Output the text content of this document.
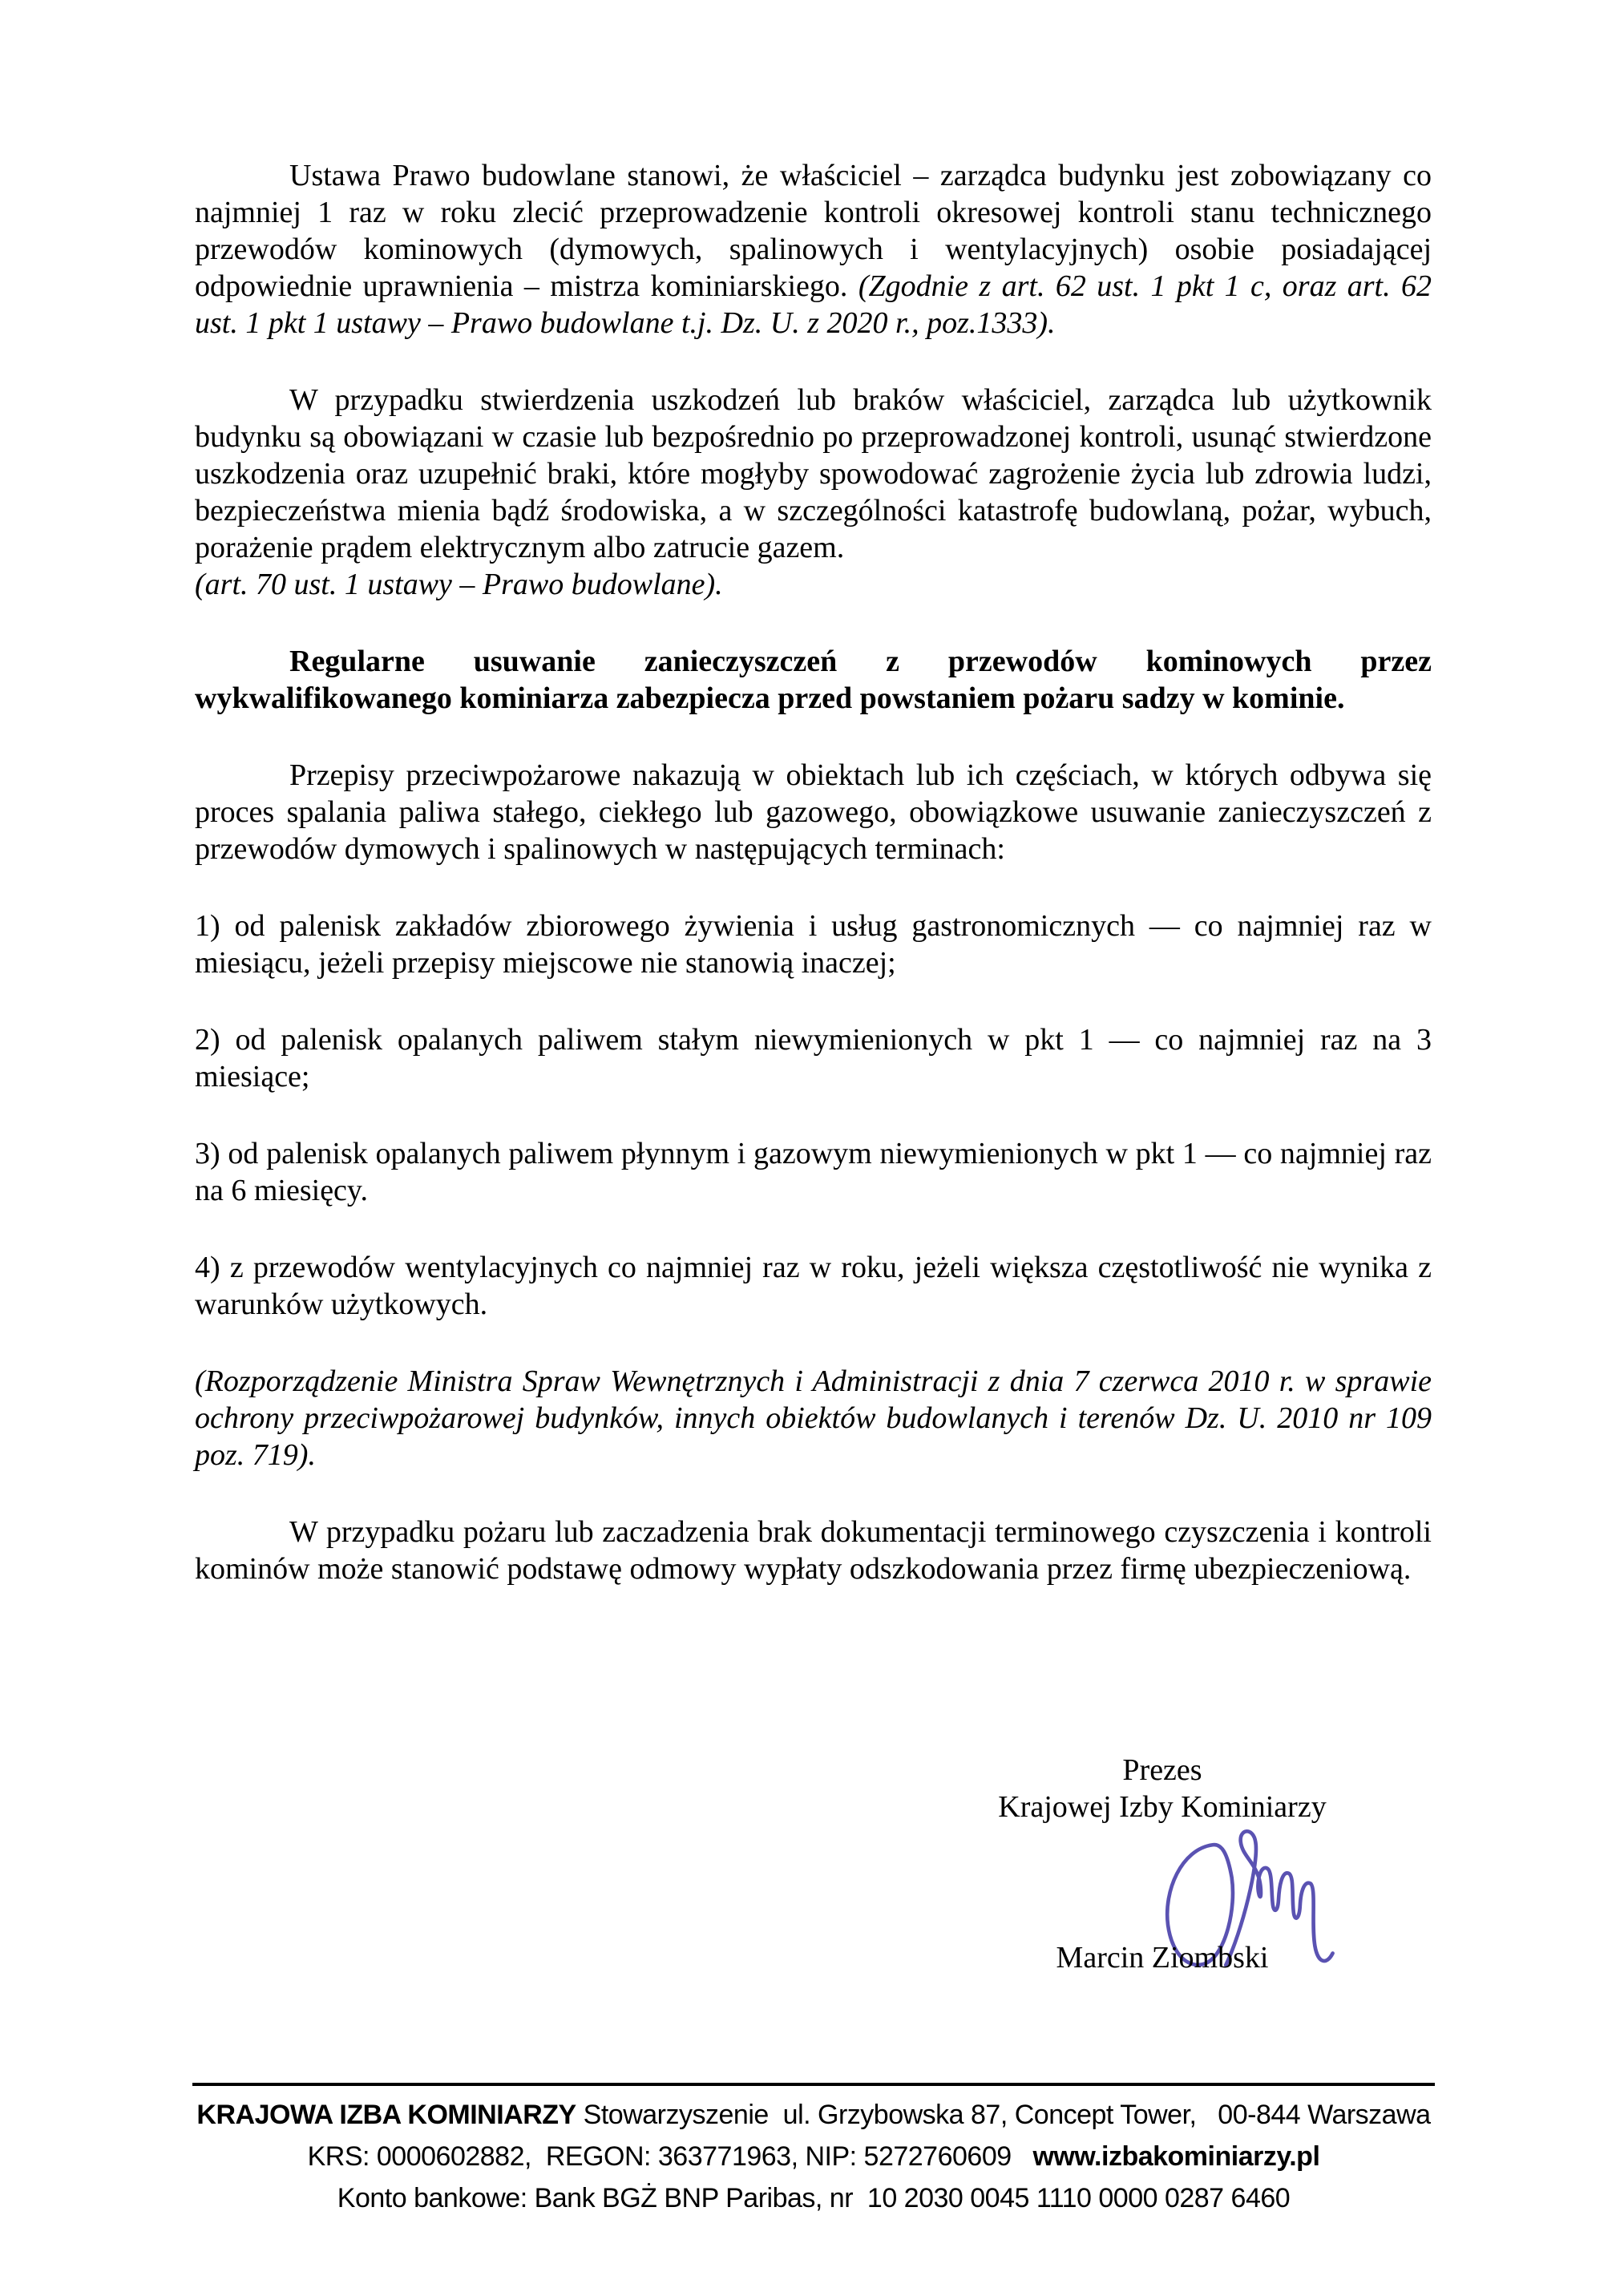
Ustawa Prawo budowlane stanowi, że właściciel – zarządca budynku jest zobowiązany co najmniej 1 raz w roku zlecić przeprowadzenie kontroli okresowej kontroli stanu technicznego przewodów kominowych (dymowych, spalinowych i wentylacyjnych) osobie posiadającej odpowiednie uprawnienia – mistrza kominiarskiego. (Zgodnie z art. 62 ust. 1 pkt 1 c, oraz art. 62 ust. 1 pkt 1 ustawy – Prawo budowlane t.j. Dz. U. z 2020 r., poz.1333).

W przypadku stwierdzenia uszkodzeń lub braków właściciel, zarządca lub użytkownik budynku są obowiązani w czasie lub bezpośrednio po przeprowadzonej kontroli, usunąć stwierdzone uszkodzenia oraz uzupełnić braki, które mogłyby spowodować zagrożenie życia lub zdrowia ludzi, bezpieczeństwa mienia bądź środowiska, a w szczególności katastrofę budowlaną, pożar, wybuch, porażenie prądem elektrycznym albo zatrucie gazem.

(art. 70 ust. 1 ustawy – Prawo budowlane).

Regularne usuwanie zanieczyszczeń z przewodów kominowych przez wykwalifikowanego kominiarza zabezpiecza przed powstaniem pożaru sadzy w kominie.

Przepisy przeciwpożarowe nakazują w obiektach lub ich częściach, w których odbywa się proces spalania paliwa stałego, ciekłego lub gazowego, obowiązkowe usuwanie zanieczyszczeń z przewodów dymowych i spalinowych w następujących terminach:

1) od palenisk zakładów zbiorowego żywienia i usług gastronomicznych — co najmniej raz w miesiącu, jeżeli przepisy miejscowe nie stanowią inaczej;

2) od palenisk opalanych paliwem stałym niewymienionych w pkt 1 — co najmniej raz na 3 miesiące;

3) od palenisk opalanych paliwem płynnym i gazowym niewymienionych w pkt 1 — co najmniej raz na 6 miesięcy.

4) z przewodów wentylacyjnych co najmniej raz w roku, jeżeli większa częstotliwość nie wynika z warunków użytkowych.

(Rozporządzenie Ministra Spraw Wewnętrznych i Administracji z dnia 7 czerwca 2010 r. w sprawie ochrony przeciwpożarowej budynków, innych obiektów budowlanych i terenów Dz. U. 2010 nr 109 poz. 719).

W przypadku pożaru lub zaczadzenia brak dokumentacji terminowego czyszczenia i kontroli kominów może stanowić podstawę odmowy wypłaty odszkodowania przez firmę ubezpieczeniową.

Prezes
Krajowej Izby Kominiarzy
Marcin Ziombski
KRAJOWA IZBA KOMINIARZY Stowarzyszenie  ul. Grzybowska 87, Concept Tower,   00-844 Warszawa
KRS: 0000602882,  REGON: 363771963, NIP: 5272760609   www.izbakominiarzy.pl
Konto bankowe: Bank BGŻ BNP Paribas, nr  10 2030 0045 1110 0000 0287 6460
